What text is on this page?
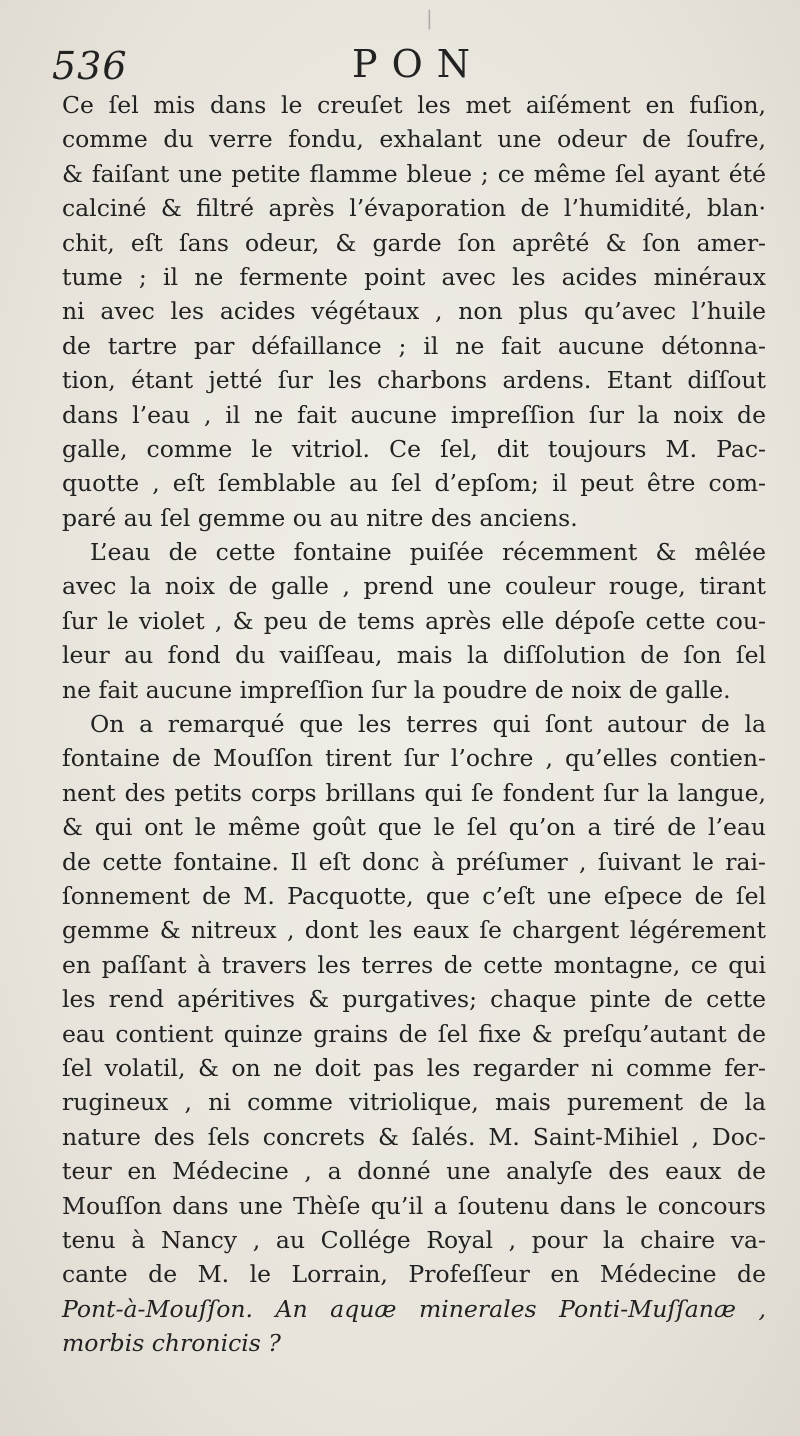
536	PON
Ce ſel mis dans le creuſet les met aiſément en fuſion,
comme du verre fondu, exhalant une odeur de ſoufre,
& faiſant une petite flamme bleue ; ce même ſel ayant été
calciné & filtré après l’évaporation de l’humidité, blan·
chit, eſt ſans odeur, & garde ſon aprêté & ſon amer-
tume ; il ne fermente point avec les acides minéraux
ni avec les acides végétaux , non plus qu’avec l’huile
de tartre par défaillance ; il ne fait aucune détonna-
tion, étant jetté ſur les charbons ardens. Etant diſſout
dans l’eau , il ne fait aucune impreſſion ſur la noix de
galle, comme le vitriol. Ce ſel, dit toujours M. Pac-
quotte , eſt ſemblable au ſel d’epſom; il peut être com-
paré au ſel gemme ou au nitre des anciens.
L’eau de cette fontaine puiſée récemment & mêlée
avec la noix de galle , prend une couleur rouge, tirant
ſur le violet , & peu de tems après elle dépoſe cette cou-
leur au fond du vaiſſeau, mais la diſſolution de ſon ſel
ne fait aucune impreſſion ſur la poudre de noix de galle.
On a remarqué que les terres qui ſont autour de la
fontaine de Mouſſon tirent ſur l’ochre , qu’elles contien-
nent des petits corps brillans qui ſe fondent ſur la langue,
& qui ont le même goût que le ſel qu’on a tiré de l’eau
de cette fontaine. Il eſt donc à préſumer , ſuivant le rai-
ſonnement de M. Pacquotte, que c’eſt une eſpece de ſel
gemme & nitreux , dont les eaux ſe chargent légérement
en paſſant à travers les terres de cette montagne, ce qui
les rend apéritives & purgatives; chaque pinte de cette
eau contient quinze grains de ſel fixe & preſqu’autant de
ſel volatil, & on ne doit pas les regarder ni comme fer-
rugineux , ni comme vitriolique, mais purement de la
nature des ſels concrets & ſalés. M. Saint-Mihiel , Doc-
teur en Médecine , a donné une analyſe des eaux de
Mouſſon dans une Thèſe qu’il a ſoutenu dans le concours
tenu à Nancy , au Collége Royal , pour la chaire va-
cante de M. le Lorrain, Profeſſeur en Médecine de
Pont-à-Mouſſon. An aquæ minerales Ponti-Muſſanæ ,
morbis chronicis ?
|
